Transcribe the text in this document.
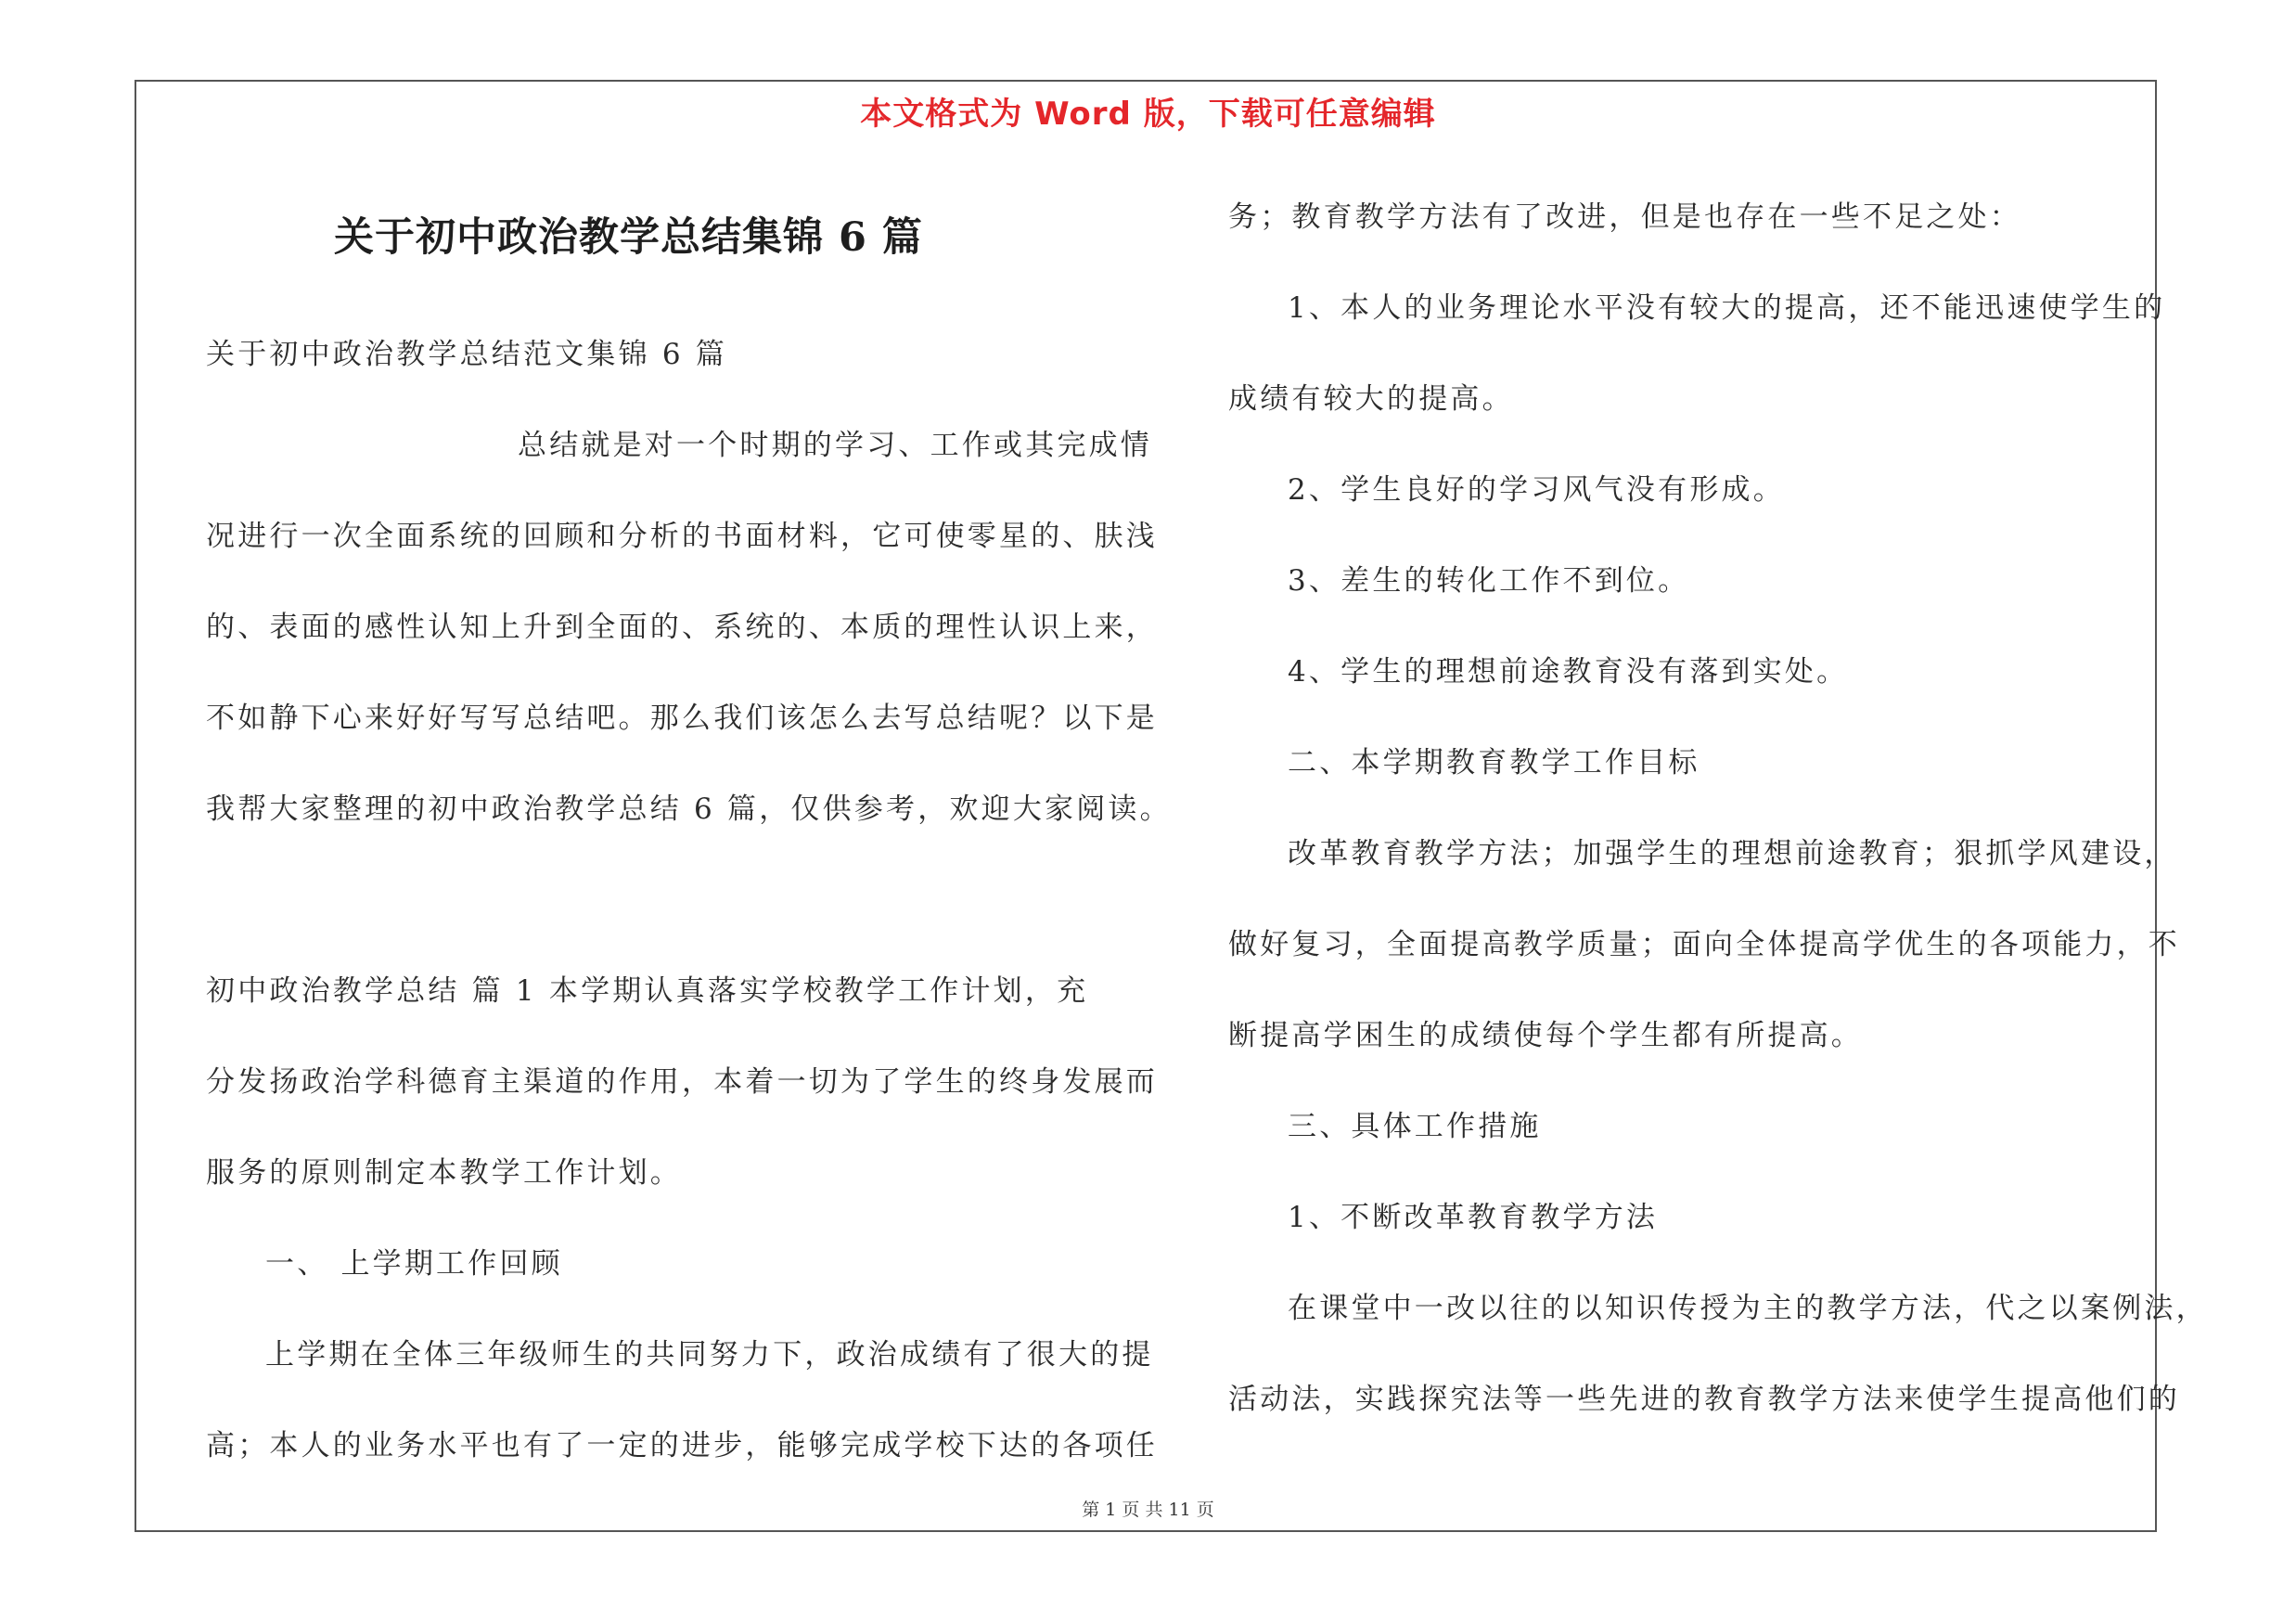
本文格式为 Word 版，下载可任意编辑
关于初中政治教学总结集锦 6 篇
关于初中政治教学总结范文集锦 6 篇
总结就是对一个时期的学习、工作或其完成情
况进行一次全面系统的回顾和分析的书面材料，它可使零星的、肤浅
的、表面的感性认知上升到全面的、系统的、本质的理性认识上来，
不如静下心来好好写写总结吧。那么我们该怎么去写总结呢？以下是
我帮大家整理的初中政治教学总结 6 篇，仅供参考，欢迎大家阅读。
初中政治教学总结 篇 1 本学期认真落实学校教学工作计划，充
分发扬政治学科德育主渠道的作用，本着一切为了学生的终身发展而
服务的原则制定本教学工作计划。
一、 上学期工作回顾
上学期在全体三年级师生的共同努力下，政治成绩有了很大的提
高；本人的业务水平也有了一定的进步，能够完成学校下达的各项任
务；教育教学方法有了改进，但是也存在一些不足之处：
1、本人的业务理论水平没有较大的提高，还不能迅速使学生的
成绩有较大的提高。
2、学生良好的学习风气没有形成。
3、差生的转化工作不到位。
4、学生的理想前途教育没有落到实处。
二、本学期教育教学工作目标
改革教育教学方法；加强学生的理想前途教育；狠抓学风建设，
做好复习，全面提高教学质量；面向全体提高学优生的各项能力，不
断提高学困生的成绩使每个学生都有所提高。
三、具体工作措施
1、不断改革教育教学方法
在课堂中一改以往的以知识传授为主的教学方法，代之以案例法，
活动法，实践探究法等一些先进的教育教学方法来使学生提高他们的
第 1 页 共 11 页
